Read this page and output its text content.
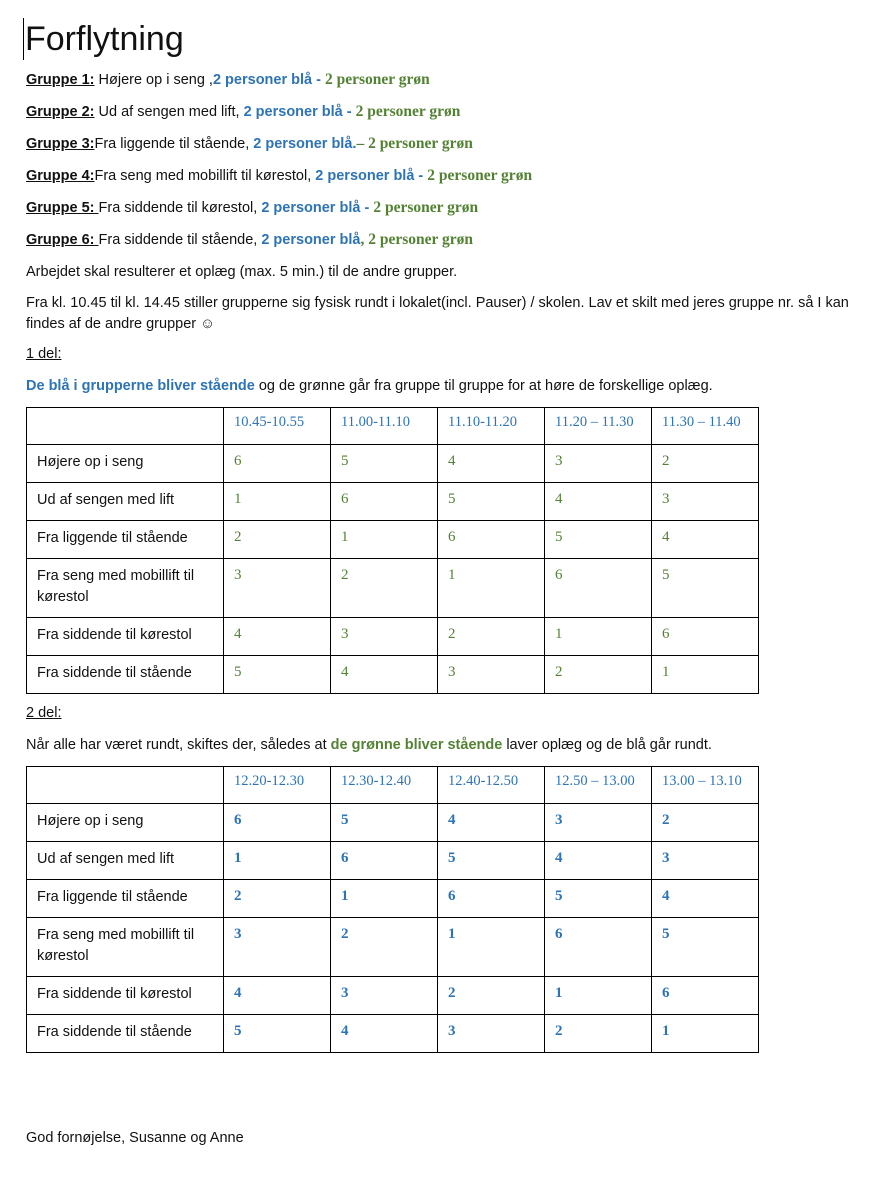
Forflytning
Gruppe 1: Højere op i seng ,2 personer blå - 2 personer grøn
Gruppe 2: Ud af sengen med lift, 2 personer blå - 2 personer grøn
Gruppe 3:Fra liggende til stående, 2 personer blå.– 2 personer grøn
Gruppe 4:Fra seng med mobillift til kørestol, 2 personer blå - 2 personer grøn
Gruppe 5: Fra siddende til kørestol, 2 personer blå - 2 personer grøn
Gruppe 6: Fra siddende til stående, 2 personer blå, 2 personer grøn

Arbejdet skal resulterer et oplæg (max. 5 min.) til de andre grupper.

Fra kl. 10.45 til kl. 14.45 stiller grupperne sig fysisk rundt i lokalet(incl. Pauser) / skolen. Lav et skilt med jeres gruppe nr. så I kan findes af de andre grupper ☺

1 del:
De blå i grupperne bliver stående og de grønne går fra gruppe til gruppe for at høre de forskellige oplæg.
	10.45-10.55	11.00-11.10	11.10-11.20	11.20 – 11.30	11.30 – 11.40
Højere op i seng	6	5	4	3	2
Ud af sengen med lift	1	6	5	4	3
Fra liggende til stående	2	1	6	5	4
Fra seng med mobillift til kørestol	3	2	1	6	5
Fra siddende til kørestol	4	3	2	1	6
Fra siddende til stående	5	4	3	2	1
2 del:
Når alle har været rundt, skiftes der, således at de grønne bliver stående laver oplæg og de blå går rundt.
	12.20-12.30	12.30-12.40	12.40-12.50	12.50 – 13.00	13.00 – 13.10
Højere op i seng	6	5	4	3	2
Ud af sengen med lift	1	6	5	4	3
Fra liggende til stående	2	1	6	5	4
Fra seng med mobillift til kørestol	3	2	1	6	5
Fra siddende til kørestol	4	3	2	1	6
Fra siddende til stående	5	4	3	2	1
God fornøjelse, Susanne og Anne
